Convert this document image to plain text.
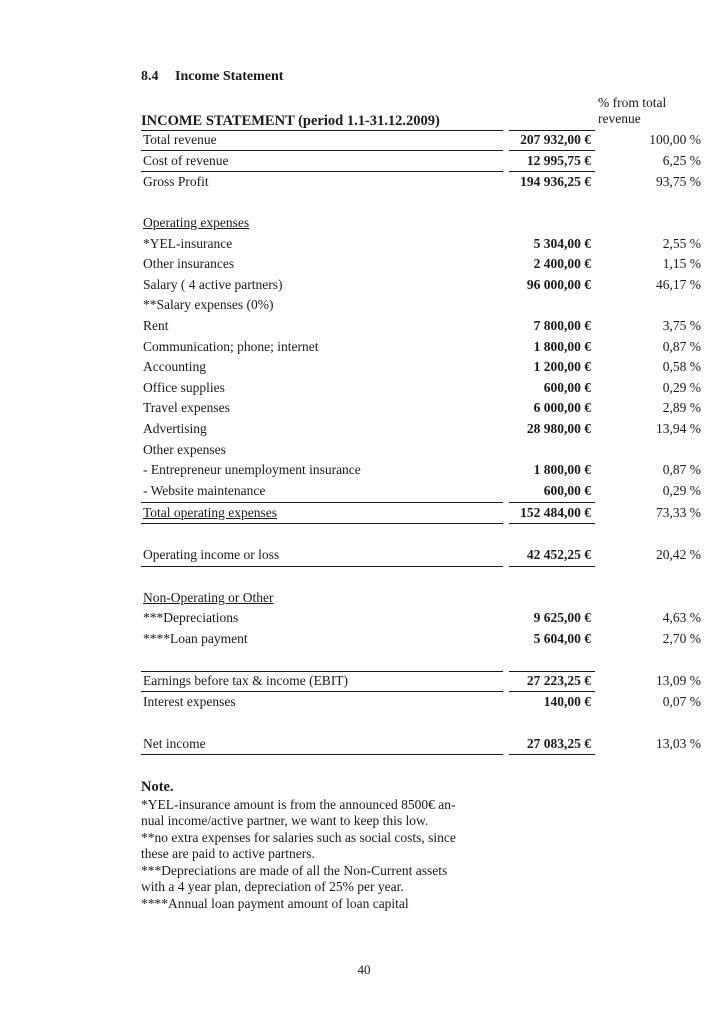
8.4 Income Statement
% from total
revenue
INCOME STATEMENT (period 1.1-31.12.2009)
Total revenue	207 932,00 €	100,00 %
Cost of revenue	12 995,75 €	6,25 %
Gross Profit	194 936,25 €	93,75 %
Operating expenses
*YEL-insurance	5 304,00 €	2,55 %
Other insurances	2 400,00 €	1,15 %
Salary ( 4 active partners)	96 000,00 €	46,17 %
**Salary expenses (0%)
Rent	7 800,00 €	3,75 %
Communication; phone; internet	1 800,00 €	0,87 %
Accounting	1 200,00 €	0,58 %
Office supplies	600,00 €	0,29 %
Travel expenses	6 000,00 €	2,89 %
Advertising	28 980,00 €	13,94 %
Other expenses
- Entrepreneur unemployment insurance	1 800,00 €	0,87 %
- Website maintenance	600,00 €	0,29 %
Total operating expenses	152 484,00 €	73,33 %
Operating income or loss	42 452,25 €	20,42 %
Non-Operating or Other
***Depreciations	9 625,00 €	4,63 %
****Loan payment	5 604,00 €	2,70 %
Earnings before tax & income (EBIT)	27 223,25 €	13,09 %
Interest expenses	140,00 €	0,07 %
Net income	27 083,25 €	13,03 %
Note.
*YEL-insurance amount is from the announced 8500€ an-
nual income/active partner, we want to keep this low.
**no extra expenses for salaries such as social costs, since
these are paid to active partners.
***Depreciations are made of all the Non-Current assets
with a 4 year plan, depreciation of 25% per year.
****Annual loan payment amount of loan capital
40
